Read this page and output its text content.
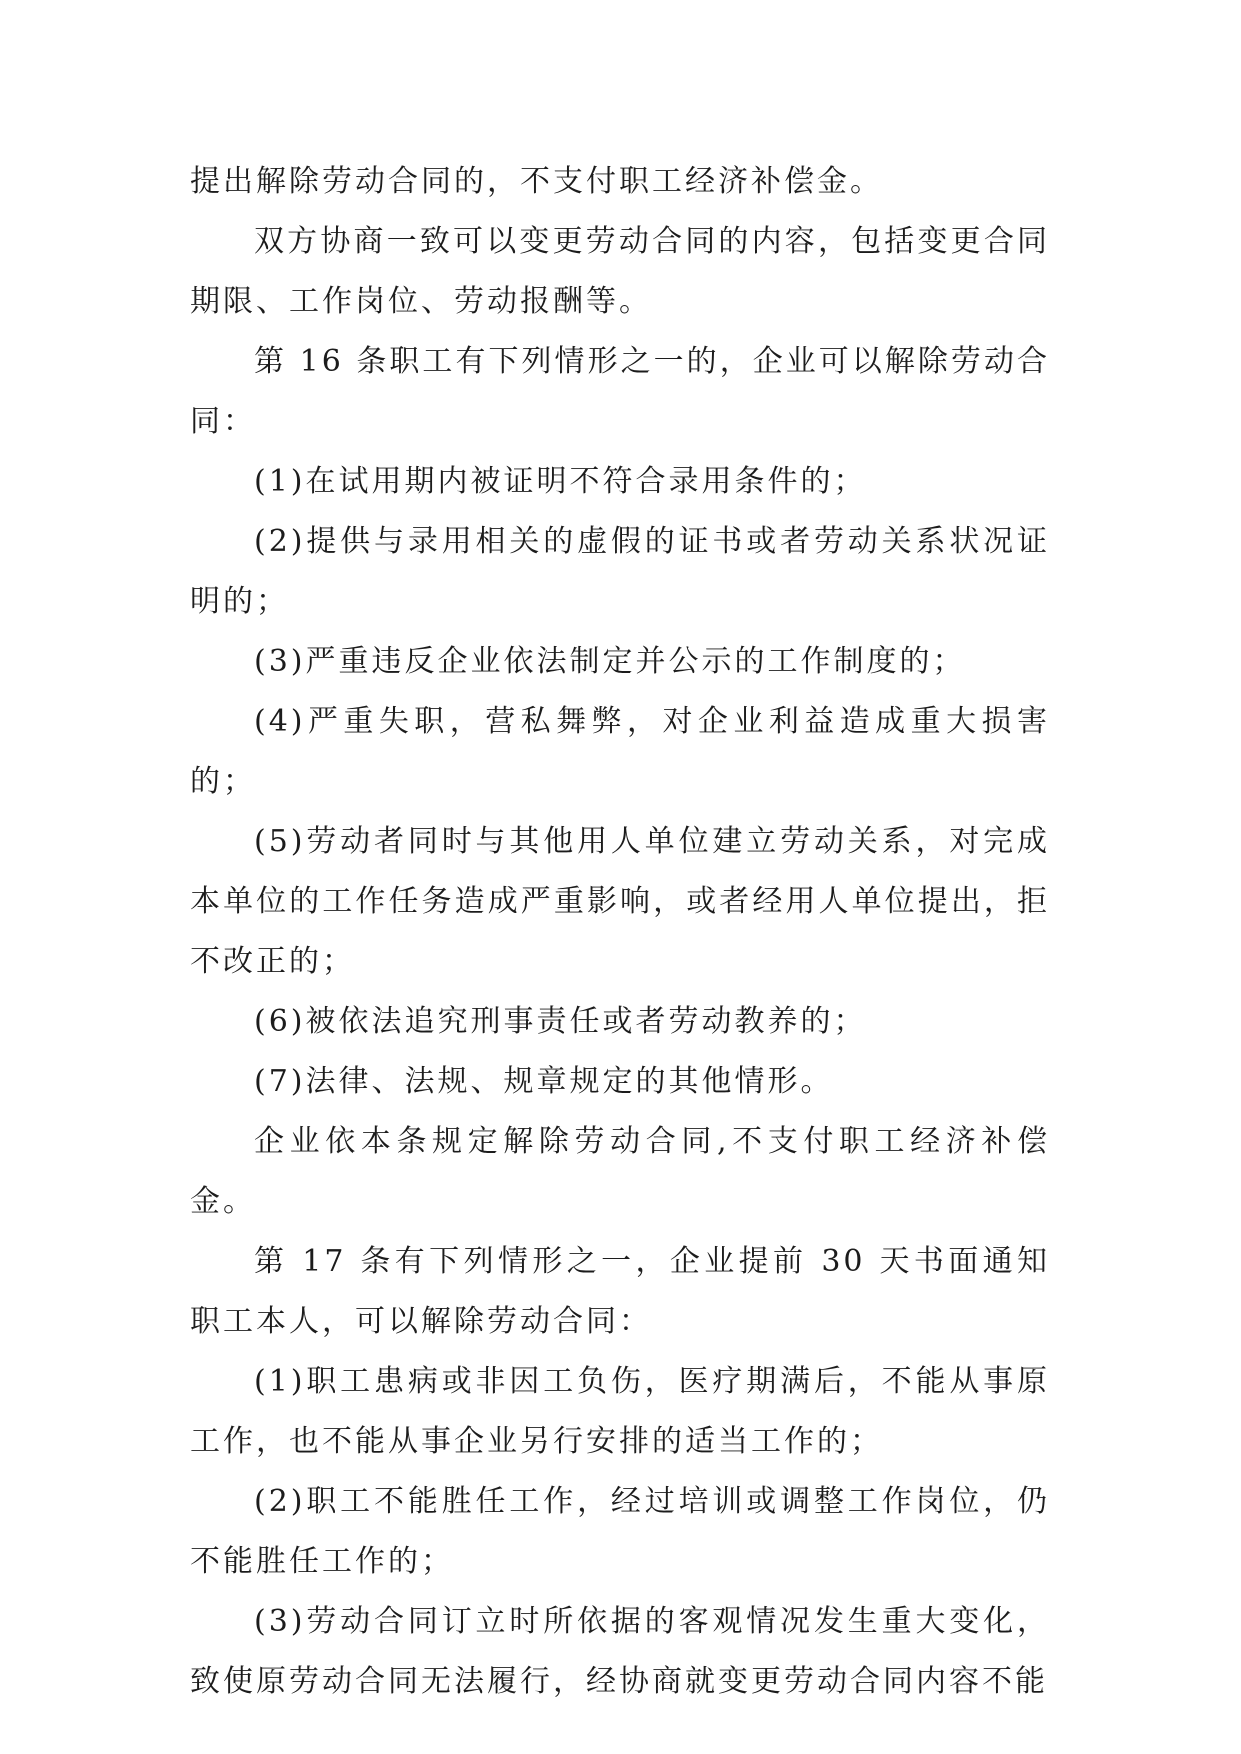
提出解除劳动合同的，不支付职工经济补偿金。

双方协商一致可以变更劳动合同的内容，包括变更合同期限、工作岗位、劳动报酬等。

第 16 条职工有下列情形之一的，企业可以解除劳动合同：

(1)在试用期内被证明不符合录用条件的；

(2)提供与录用相关的虚假的证书或者劳动关系状况证明的；

(3)严重违反企业依法制定并公示的工作制度的；

(4)严重失职，营私舞弊，对企业利益造成重大损害的；

(5)劳动者同时与其他用人单位建立劳动关系，对完成本单位的工作任务造成严重影响，或者经用人单位提出，拒不改正的；

(6)被依法追究刑事责任或者劳动教养的；

(7)法律、法规、规章规定的其他情形。

企业依本条规定解除劳动合同,不支付职工经济补偿金。

第 17 条有下列情形之一，企业提前 30 天书面通知职工本人，可以解除劳动合同：

(1)职工患病或非因工负伤，医疗期满后，不能从事原工作，也不能从事企业另行安排的适当工作的；

(2)职工不能胜任工作，经过培训或调整工作岗位，仍不能胜任工作的；

(3)劳动合同订立时所依据的客观情况发生重大变化，致使原劳动合同无法履行，经协商就变更劳动合同内容不能
